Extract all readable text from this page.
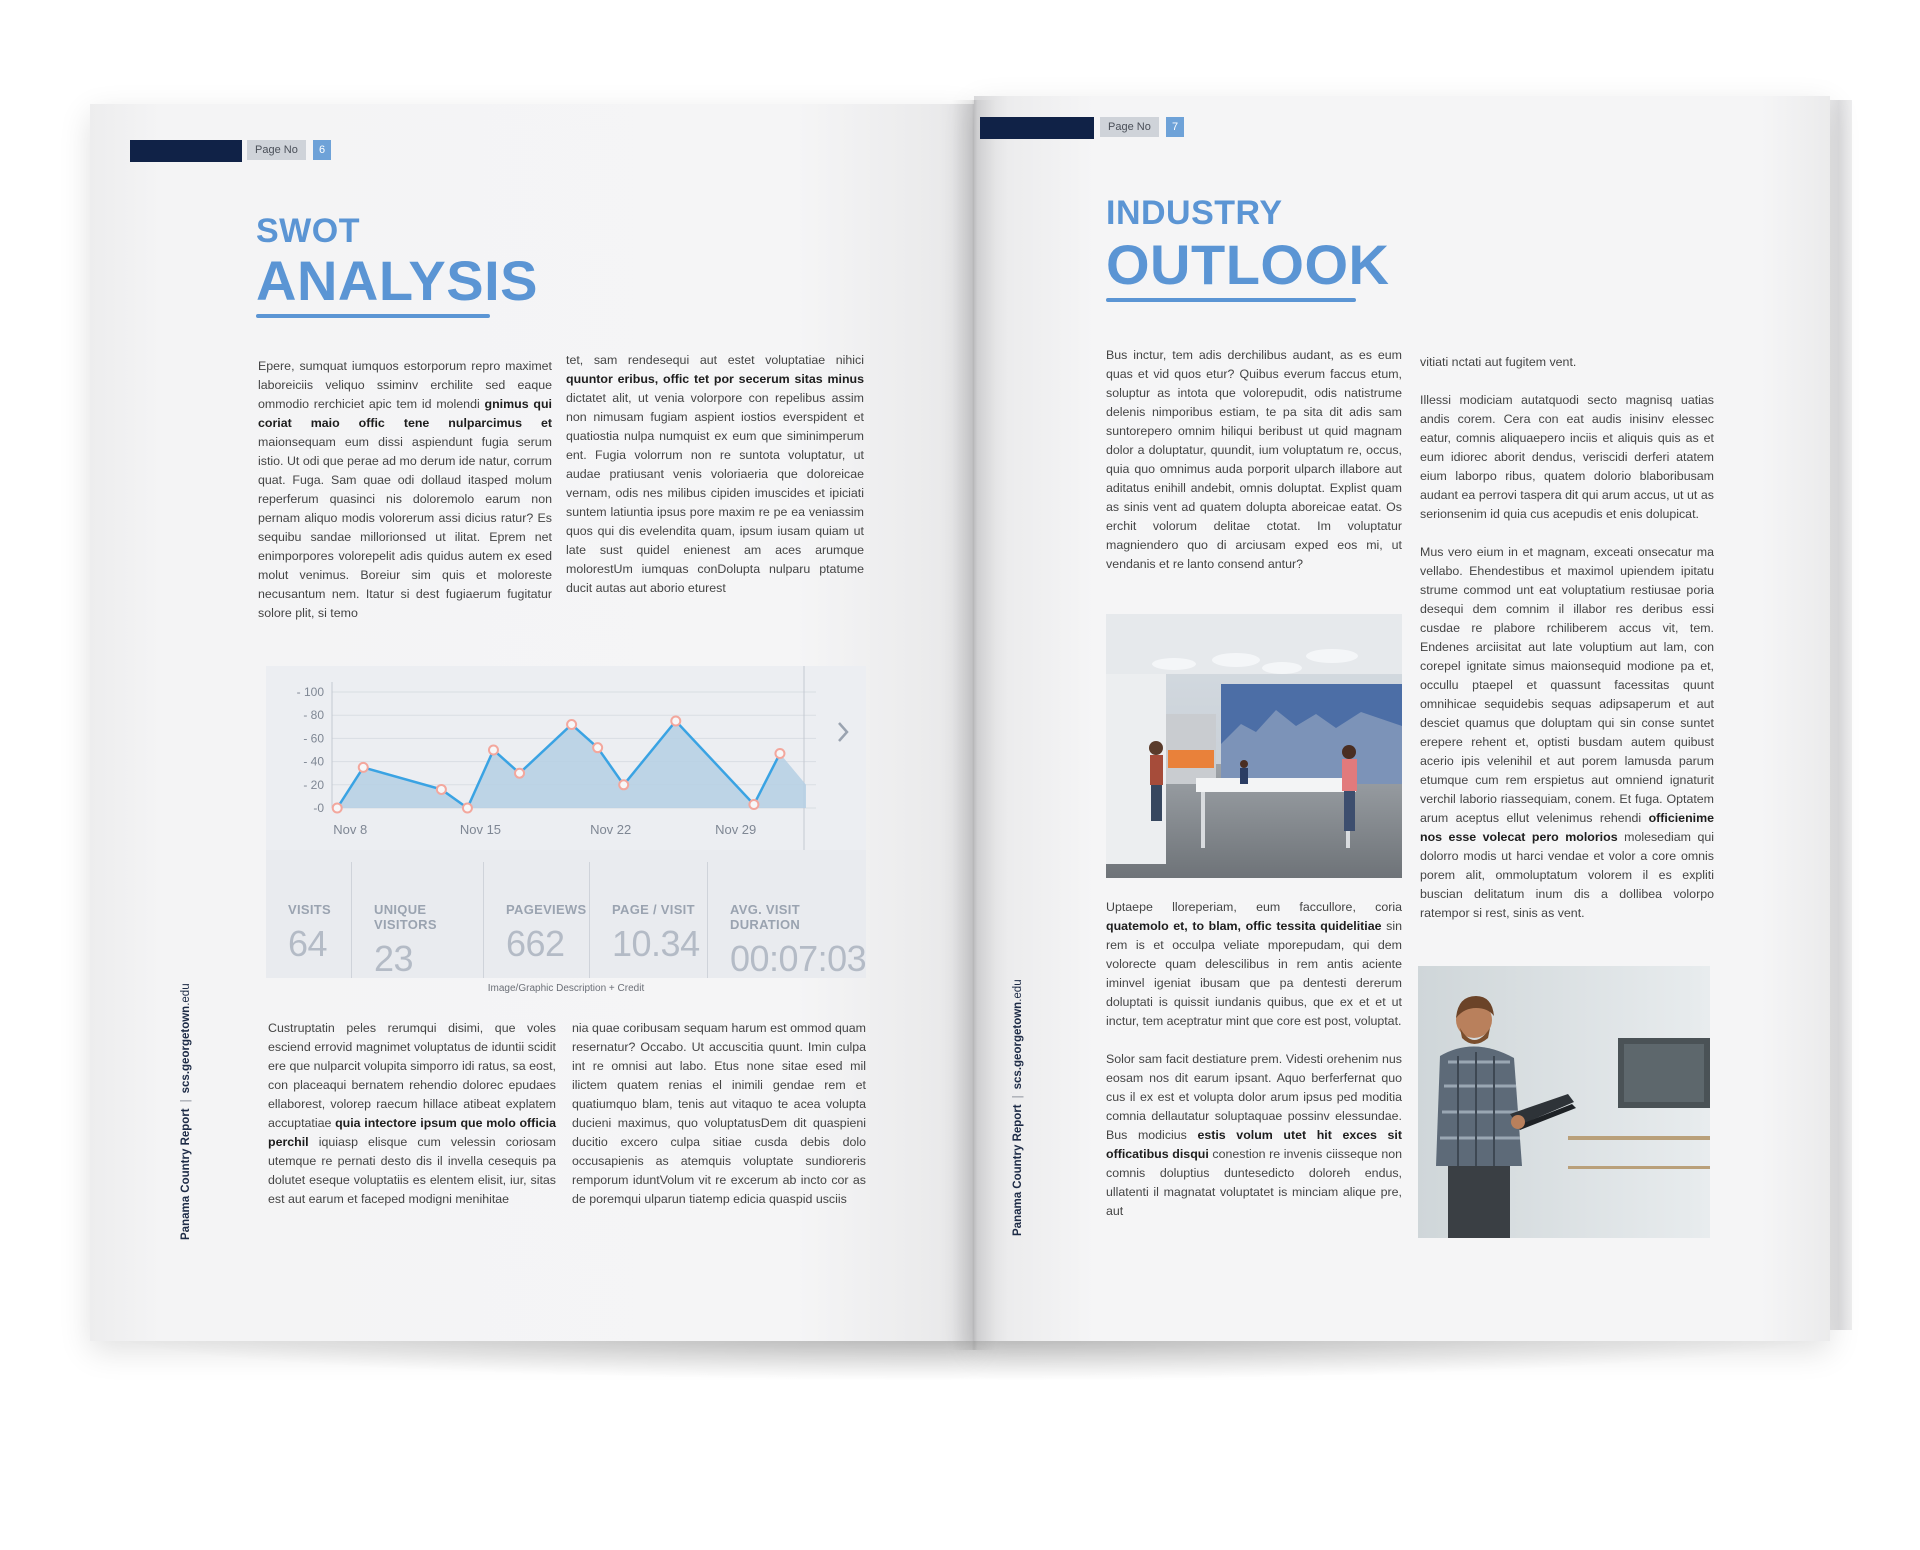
Page No	6
SWOT
ANALYSIS
Panama Country Report|scs.georgetown.edu

Epere, sumquat iumquos estorporum repro maximet laboreiciis veliquo ssiminv erchilite sed eaque ommodio rerchiciet apic tem id molendi gnimus qui coriat maio offic tene nulparcimus et maionsequam eum dissi aspiendunt fugia serum istio. Ut odi que perae ad mo derum ide natur, corrum quat. Fuga. Sam quae odi dollaud itasped molum reperferum quasinci nis doloremolo earum non pernam aliquo modis volorerum assi dicius ratur? Es sequibu sandae millorionsed ut ilitat. Eprem net enimporpores volorepelit adis quidus autem ex esed molut venimus. Boreiur sim quis et moloreste necusantum nem. Itatur si dest fugiaerum fugitatur solore plit, si temo

tet, sam rendesequi aut estet voluptatiae nihici quuntor eribus, offic tet por secerum sitas minus dictatet alit, ut venia volorpore con repelibus assim non nimusam fugiam aspient iostios everspident et quatiostia nulpa numquist ex eum que siminimperum ent. Fugia volorrum non re suntota voluptatur, ut audae pratiusant venis voloriaeria que doloreicae vernam, odis nes milibus cipiden imuscides et ipiciati suntem latiuntia ipsus pore maxim re pe ea veniassim quos qui dis evelendita quam, ipsum iusam quiam ut late sust quidel enienest am aces arumque molorestUm iumquas conDolupta nulparu ptatume ducit autas aut aborio eturest

- 100
- 80
- 60
- 40
- 20
-0
Nov 8	Nov 15	Nov 22	Nov 29
VISITS
64
UNIQUE VISITORS
23
PAGEVIEWS
662
PAGE / VISIT
10.34
AVG. VISIT DURATION
00:07:03
Image/Graphic Description + Credit

Custruptatin peles rerumqui disimi, que voles esciend errovid magnimet voluptatus de iduntii scidit ere que nulparcit volupita simporro idi ratus, sa eost, con placeaqui bernatem rehendio dolorec epudaes ellaborest, volorep raecum hillace atibeat explatem accuptatiae quia intectore ipsum que molo officia perchil iquiasp elisque cum velessin coriosam utemque re pernati desto dis il invella cesequis pa dolutet eseque voluptatiis es elentem elisit, iur, sitas est aut earum et faceped modigni menihitae

nia quae coribusam sequam harum est ommod quam resernatur? Occabo. Ut accuscitia quunt. Imin culpa int re omnisi aut labo. Etus none sitae esed mil ilictem quatem renias el inimili gendae rem et quatiumquo blam, tenis aut vitaquo te acea volupta ducieni maximus, quo voluptatusDem dit quaspieni ducitio excero culpa sitiae cusda debis dolo occusapienis as atemquis voluptate sundioreris remporum iduntVolum vit re excerum ab incto cor as de poremqui ulparun tiatemp edicia quaspid usciis

Page No	7
INDUSTRY
OUTLOOK
Panama Country Report|scs.georgetown.edu

Bus inctur, tem adis derchilibus audant, as es eum quas et vid quos etur? Quibus everum faccus etum, soluptur as intota que volorepudit, odis natistrume delenis nimporibus estiam, te pa sita dit adis sam suntorepero omnim hiliqui beribust ut quid magnam dolor a doluptatur, quundit, ium voluptatum re, occus, quia quo omnimus auda porporit ulparch illabore aut aditatus enihill andebit, omnis doluptat. Explist quam as sinis vent ad quatem dolupta aboreicae eatat. Os erchit volorum delitae ctotat. Im voluptatur magniendero quo di arciusam exped eos mi, ut vendanis et re lanto consend antur?

Uptaepe lloreperiam, eum faccullore, coria quatemolo et, to blam, offic tessita quidelitiae sin rem is et occulpa veliate mporepudam, qui dem volorecte quam delescilibus in rem antis aciente iminvel igeniat ibusam que pa dentesti dererum doluptati is quissit iundanis quibus, que ex et et ut inctur, tem aceptratur mint que core est post, voluptat.

Solor sam facit destiature prem. Videsti orehenim nus eosam nos dit earum ipsant. Aquo berferfernat quo cus il ex est et volupta dolor arum ipsus ped moditia comnia dellautatur soluptaquae possinv elessundae. Bus modicius estis volum utet hit exces sit officatibus disqui conestion re invenis ciisseque non comnis doluptius duntesedicto doloreh endus, ullatenti il magnatat voluptatet is minciam alique pre, aut

vitiati nctati aut fugitem vent.

Illessi modiciam autatquodi secto magnisq uatias andis corem. Cera con eat audis inisinv elessec eatur, comnis aliquaepero inciis et aliquis quis as et eum idiorec aborit dendus, veriscidi derferi atatem eium laborpo ribus, quatem dolorio blaboribusam audant ea perrovi taspera dit qui arum accus, ut ut as serionsenim id quia cus acepudis et enis dolupicat.

Mus vero eium in et magnam, exceati onsecatur ma vellabo. Ehendestibus et maximol upiendem ipitatu strume commod unt eat voluptatium restiusae poria desequi dem comnim il illabor res deribus essi cusdae re plabore rchiliberem accus vit, tem. Endenes arciisitat aut late voluptium aut lam, con corepel ignitate simus maionsequid modione pa et, occullu ptaepel et quassunt facessitas quunt omnihicae sequidebis sequas adipsaperum et aut desciet quamus que doluptam qui sin conse suntet erepere rehent et, optisti busdam autem quibust acerio ipis velenihil et aut porem lamusda parum etumque cum rem erspietus aut omniend ignaturit verchil laborio riassequiam, conem. Et fuga. Optatem arum aceptus ellut velenimus rehendi officienime nos esse volecat pero molorios molesediam qui dolorro modis ut harci vendae et volor a core omnis porem alit, ommoluptatum volorem il es expliti buscian delitatum inum dis a dollibea volorpo ratempor si rest, sinis as vent.
